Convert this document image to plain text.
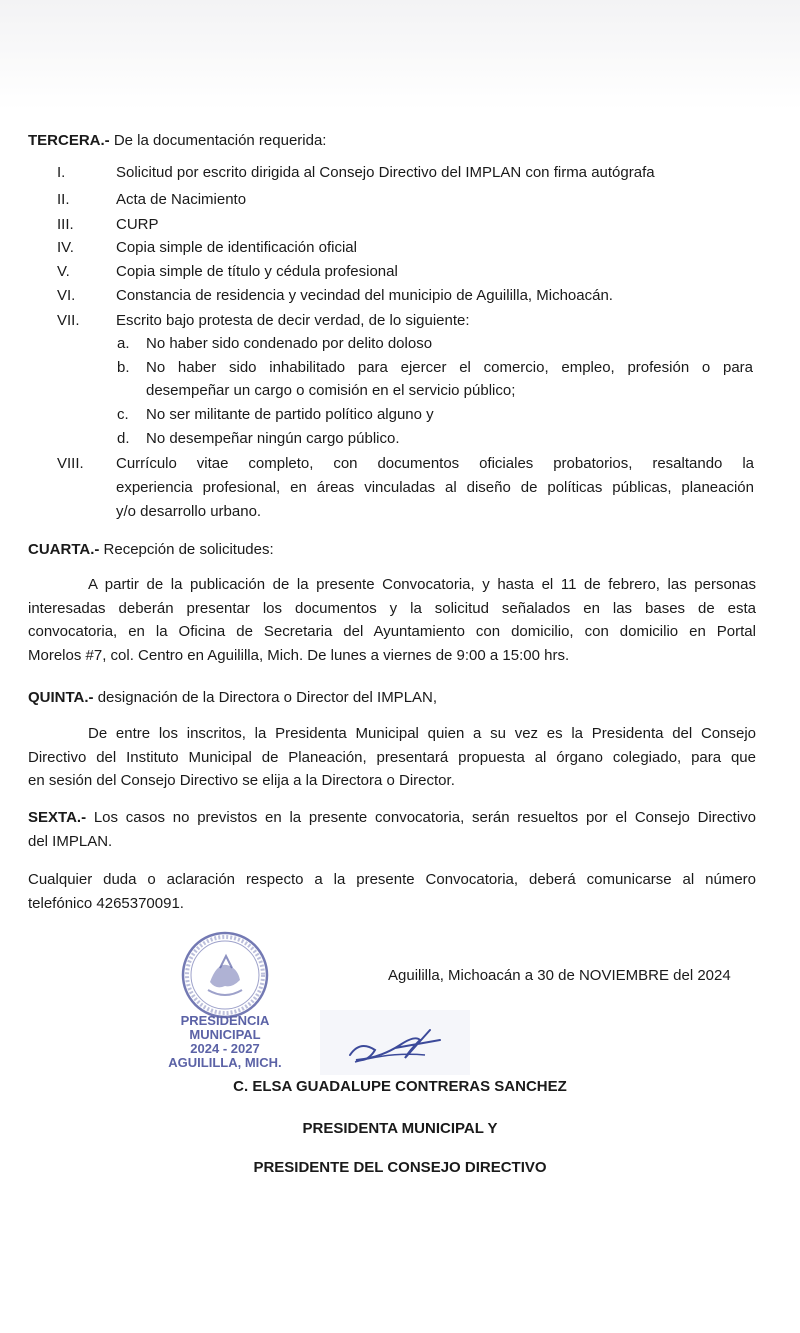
TERCERA.- De la documentación requerida:
I.	Solicitud por escrito dirigida al Consejo Directivo del IMPLAN con firma autógrafa
II.	Acta de Nacimiento
III.	CURP
IV.	Copia simple de identificación oficial
V.	Copia simple de título y cédula profesional
VI.	Constancia de residencia y vecindad del municipio de Aguililla, Michoacán.
VII.	Escrito bajo protesta de decir verdad, de lo siguiente:
a. No haber sido condenado por delito doloso
b. No haber sido inhabilitado para ejercer el comercio, empleo, profesión o para
desempeñar un cargo o comisión en el servicio público;
c. No ser militante de partido político alguno y
d. No desempeñar ningún cargo público.
VIII.	Currículo vitae completo, con documentos oficiales probatorios, resaltando la
experiencia profesional, en áreas vinculadas al diseño de políticas públicas, planeación
y/o desarrollo urbano.
CUARTA.- Recepción de solicitudes:
A partir de la publicación de la presente Convocatoria, y hasta el 11 de febrero, las personas
interesadas deberán presentar los documentos y la solicitud señalados en las bases de esta
convocatoria, en la Oficina de Secretaria del Ayuntamiento con domicilio, con domicilio en Portal
Morelos #7, col. Centro en Aguililla, Mich. De lunes a viernes de 9:00 a 15:00 hrs.
QUINTA.- designación de la Directora o Director del IMPLAN,
De entre los inscritos, la Presidenta Municipal quien a su vez es la Presidenta del Consejo
Directivo del Instituto Municipal de Planeación, presentará propuesta al órgano colegiado, para que
en sesión del Consejo Directivo se elija a la Directora o Director.
SEXTA.- Los casos no previstos en la presente convocatoria, serán resueltos por el Consejo Directivo
del IMPLAN.
Cualquier duda o aclaración respecto a la presente Convocatoria, deberá comunicarse al número
telefónico 4265370091.
PRESIDENCIA
MUNICIPAL
2024 - 2027
AGUILILLA, MICH.
Aguililla, Michoacán a 30 de NOVIEMBRE del 2024
C. ELSA GUADALUPE CONTRERAS SANCHEZ
PRESIDENTA MUNICIPAL Y
PRESIDENTE DEL CONSEJO DIRECTIVO
